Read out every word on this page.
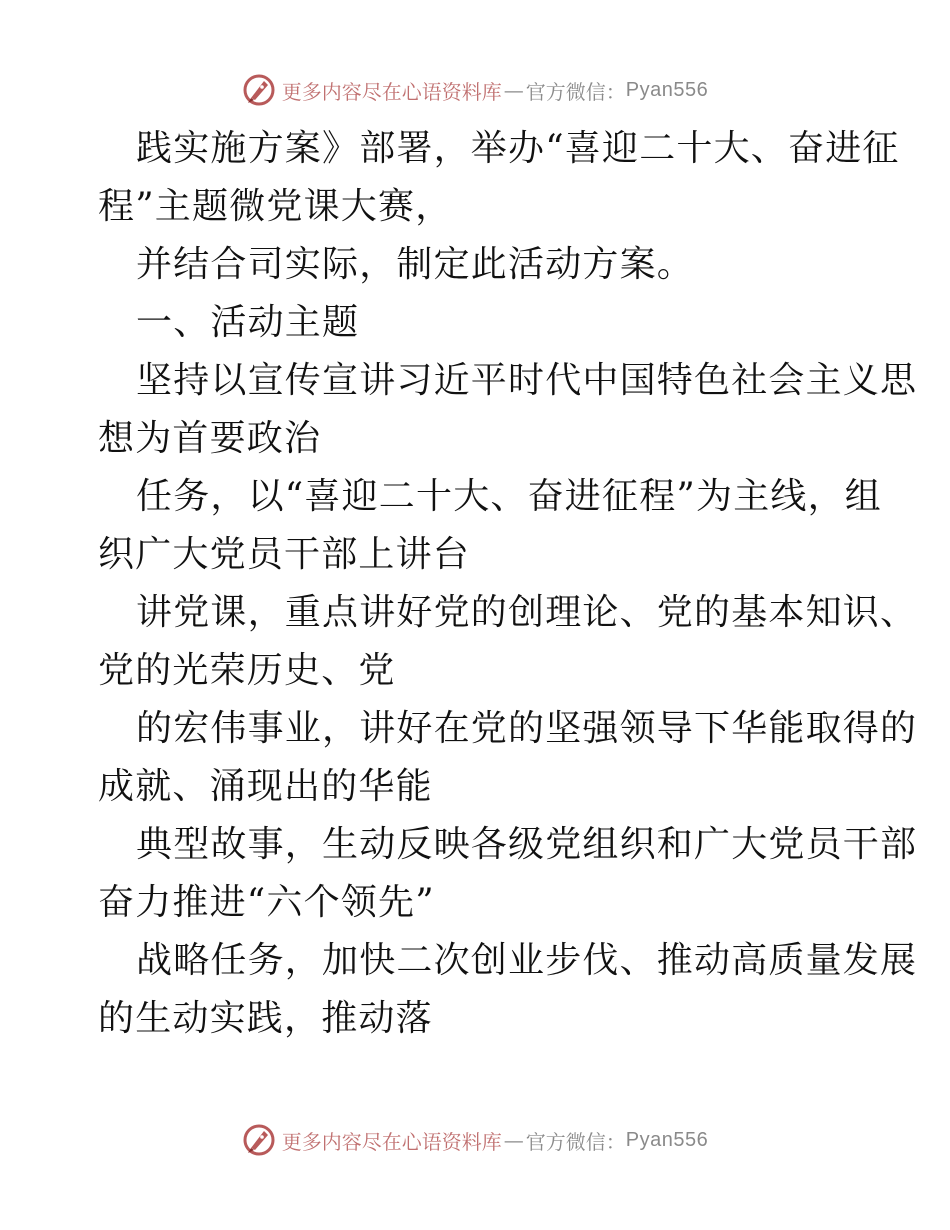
更多内容尽在心语资料库 — 官方微信： Pyan556
践实施方案》部署，举办“喜迎二十大、奋进征
程”主题微党课大赛，
并结合司实际，制定此活动方案。
一、活动主题
坚持以宣传宣讲习近平时代中国特色社会主义思
想为首要政治
任务，以“喜迎二十大、奋进征程”为主线，组
织广大党员干部上讲台
讲党课，重点讲好党的创理论、党的基本知识、
党的光荣历史、党
的宏伟事业，讲好在党的坚强领导下华能取得的
成就、涌现出的华能
典型故事，生动反映各级党组织和广大党员干部
奋力推进“六个领先”
战略任务，加快二次创业步伐、推动高质量发展
的生动实践，推动落
更多内容尽在心语资料库 — 官方微信： Pyan556
